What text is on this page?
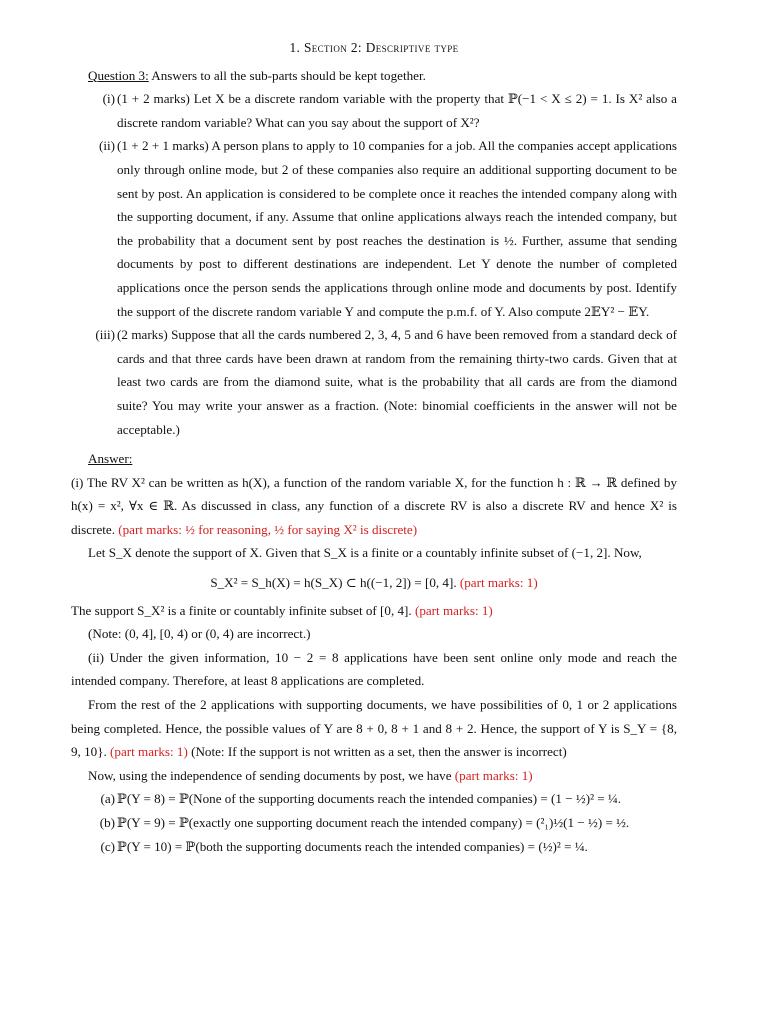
1. Section 2: Descriptive type

Question 3: Answers to all the sub-parts should be kept together.

(i) (1 + 2 marks) Let X be a discrete random variable with the property that ℙ(−1 < X ≤ 2) = 1. Is X² also a discrete random variable? What can you say about the support of X²?
(ii) (1 + 2 + 1 marks) A person plans to apply to 10 companies for a job. All the companies accept applications only through online mode, but 2 of these companies also require an additional supporting document to be sent by post. An application is considered to be complete once it reaches the intended company along with the supporting document, if any. Assume that online applications always reach the intended company, but the probability that a document sent by post reaches the destination is ½. Further, assume that sending documents by post to different destinations are independent. Let Y denote the number of completed applications once the person sends the applications through online mode and documents by post. Identify the support of the discrete random variable Y and compute the p.m.f. of Y. Also compute 2𝔼Y² − 𝔼Y.
(iii) (2 marks) Suppose that all the cards numbered 2, 3, 4, 5 and 6 have been removed from a standard deck of cards and that three cards have been drawn at random from the remaining thirty-two cards. Given that at least two cards are from the diamond suite, what is the probability that all cards are from the diamond suite? You may write your answer as a fraction. (Note: binomial coefficients in the answer will not be acceptable.)

Answer:

(i) The RV X² can be written as h(X), a function of the random variable X, for the function h : ℝ → ℝ defined by h(x) = x², ∀x ∈ ℝ. As discussed in class, any function of a discrete RV is also a discrete RV and hence X² is discrete. (part marks: ½ for reasoning, ½ for saying X² is discrete)

Let S_X denote the support of X. Given that S_X is a finite or a countably infinite subset of (−1, 2]. Now,

S_X² = S_h(X) = h(S_X) ⊂ h((−1, 2]) = [0, 4]. (part marks: 1)

The support S_X² is a finite or countably infinite subset of [0, 4]. (part marks: 1)

(Note: (0, 4], [0, 4) or (0, 4) are incorrect.)

(ii) Under the given information, 10 − 2 = 8 applications have been sent online only mode and reach the intended company. Therefore, at least 8 applications are completed.

From the rest of the 2 applications with supporting documents, we have possibilities of 0, 1 or 2 applications being completed. Hence, the possible values of Y are 8 + 0, 8 + 1 and 8 + 2. Hence, the support of Y is S_Y = {8, 9, 10}. (part marks: 1) (Note: If the support is not written as a set, then the answer is incorrect)

Now, using the independence of sending documents by post, we have (part marks: 1)

(a) ℙ(Y = 8) = ℙ(None of the supporting documents reach the intended companies) = (1 − ½)² = ¼.
(b) ℙ(Y = 9) = ℙ(exactly one supporting document reach the intended company) = (²₁)½(1 − ½) = ½.
(c) ℙ(Y = 10) = ℙ(both the supporting documents reach the intended companies) = (½)² = ¼.
